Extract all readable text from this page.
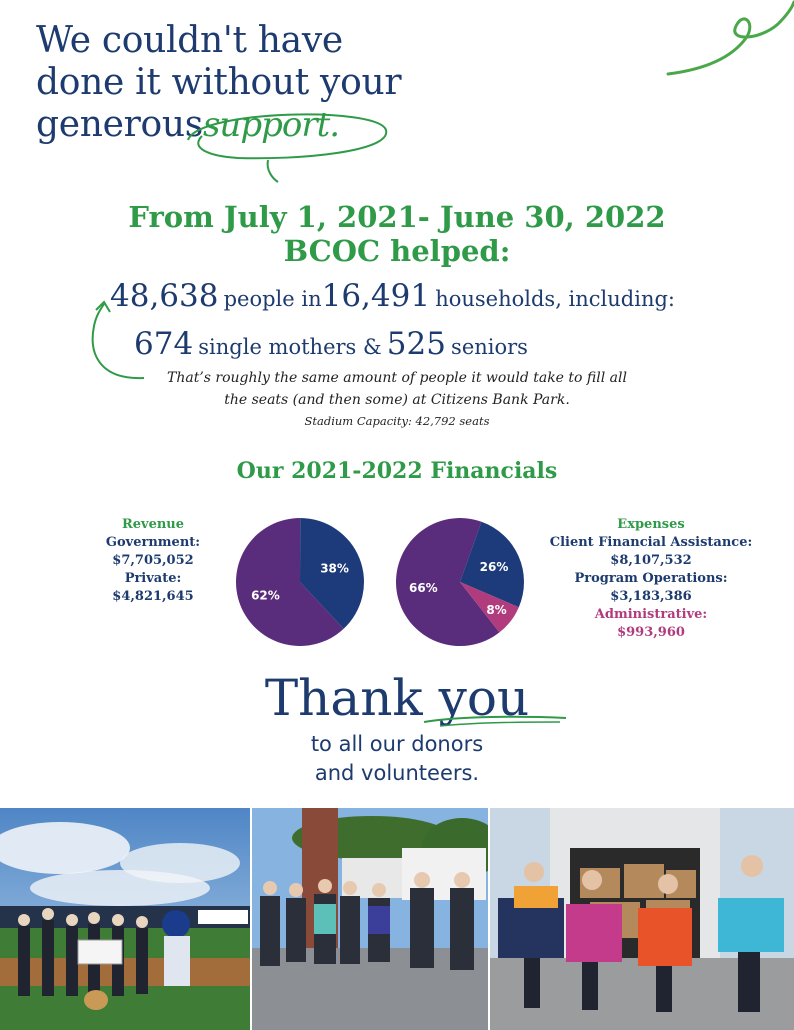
We couldn't have
done it without your
generoussupport.
From July 1, 2021- June 30, 2022
BCOC helped:
48,638 people in16,491 households, including:
674 single mothers & 525 seniors
That’s roughly the same amount of people it would take to fill all
the seats (and then some) at Citizens Bank Park.
Stadium Capacity: 42,792 seats
Our 2021-2022 Financials
Revenue
Government:
$7,705,052
Private:
$4,821,645	62%
38%
66%
26%
8%
Expenses
Client Financial Assistance:
$8,107,532
Program Operations:
$3,183,386
Administrative:
$993,960
Thank you
to all our donors
and volunteers.
